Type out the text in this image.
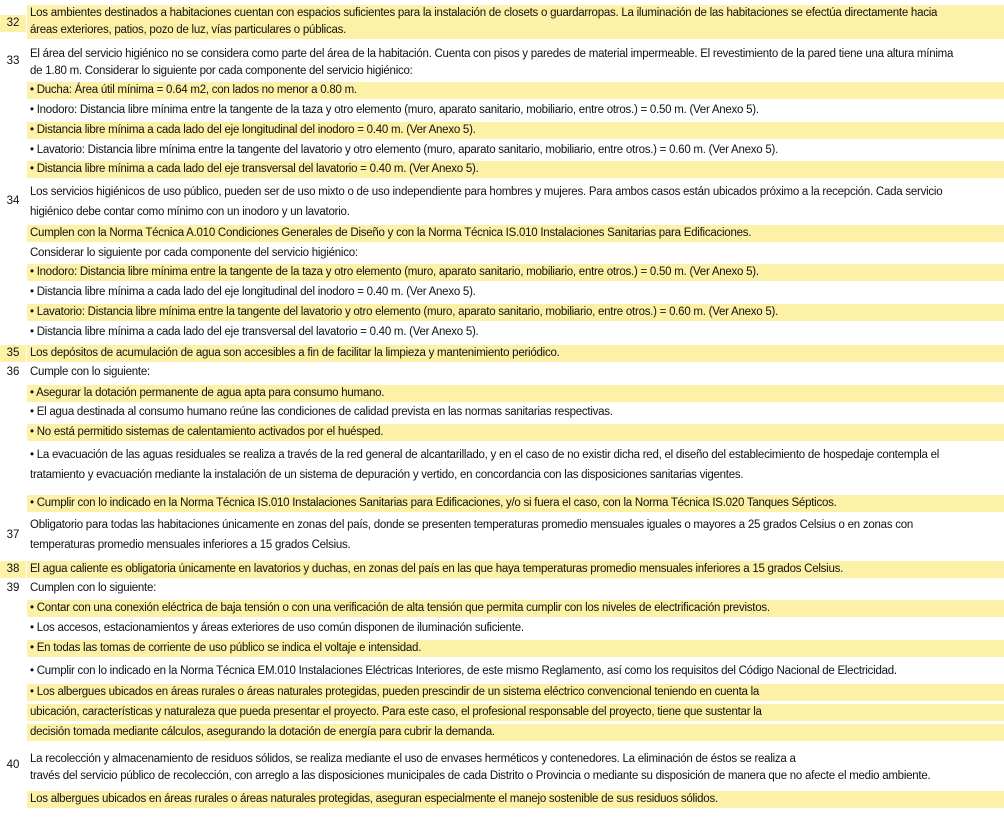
32
Los ambientes destinados a habitaciones cuentan con espacios suficientes para la instalación de closets o guardarropas. La iluminación de las habitaciones se efectúa directamente hacia
áreas exteriores, patios, pozo de luz, vías particulares o públicas.
33
El área del servicio higiénico no se considera como parte del área de la habitación. Cuenta con pisos y paredes de material impermeable. El revestimiento de la pared tiene una altura mínima
de 1.80 m. Considerar lo siguiente por cada componente del servicio higiénico:
• Ducha: Área útil mínima = 0.64 m2, con lados no menor a 0.80 m.
• Inodoro: Distancia libre mínima entre la tangente de la taza y otro elemento (muro, aparato sanitario, mobiliario, entre otros.) = 0.50 m. (Ver Anexo 5).
• Distancia libre mínima a cada lado del eje longitudinal del inodoro = 0.40 m. (Ver Anexo 5).
• Lavatorio: Distancia libre mínima entre la tangente del lavatorio y otro elemento (muro, aparato sanitario, mobiliario, entre otros.) = 0.60 m. (Ver Anexo 5).
• Distancia libre mínima a cada lado del eje transversal del lavatorio = 0.40 m. (Ver Anexo 5).
34
Los servicios higiénicos de uso público, pueden ser de uso mixto o de uso independiente para hombres y mujeres. Para ambos casos están ubicados próximo a la recepción. Cada servicio
higiénico debe contar como mínimo con un inodoro y un lavatorio.
Cumplen con la Norma Técnica A.010 Condiciones Generales de Diseño y con la Norma Técnica IS.010 Instalaciones Sanitarias para Edificaciones.
Considerar lo siguiente por cada componente del servicio higiénico:
• Inodoro: Distancia libre mínima entre la tangente de la taza y otro elemento (muro, aparato sanitario, mobiliario, entre otros.) = 0.50 m. (Ver Anexo 5).
• Distancia libre mínima a cada lado del eje longitudinal del inodoro = 0.40 m. (Ver Anexo 5).
• Lavatorio: Distancia libre mínima entre la tangente del lavatorio y otro elemento (muro, aparato sanitario, mobiliario, entre otros.) = 0.60 m. (Ver Anexo 5).
• Distancia libre mínima a cada lado del eje transversal del lavatorio = 0.40 m. (Ver Anexo 5).
35 Los depósitos de acumulación de agua son accesibles a fin de facilitar la limpieza y mantenimiento periódico.
36 Cumple con lo siguiente:
• Asegurar la dotación permanente de agua apta para consumo humano.
• El agua destinada al consumo humano reúne las condiciones de calidad prevista en las normas sanitarias respectivas.
• No está permitido sistemas de calentamiento activados por el huésped.
• La evacuación de las aguas residuales se realiza a través de la red general de alcantarillado, y en el caso de no existir dicha red, el diseño del establecimiento de hospedaje contempla el
tratamiento y evacuación mediante la instalación de un sistema de depuración y vertido, en concordancia con las disposiciones sanitarias vigentes.
• Cumplir con lo indicado en la Norma Técnica IS.010 Instalaciones Sanitarias para Edificaciones, y/o si fuera el caso, con la Norma Técnica IS.020 Tanques Sépticos.
37
Obligatorio para todas las habitaciones únicamente en zonas del país, donde se presenten temperaturas promedio mensuales iguales o mayores a 25 grados Celsius o en zonas con
temperaturas promedio mensuales inferiores a 15 grados Celsius.
38 El agua caliente es obligatoria únicamente en lavatorios y duchas, en zonas del país en las que haya temperaturas promedio mensuales inferiores a 15 grados Celsius.
39 Cumplen con lo siguiente:
• Contar con una conexión eléctrica de baja tensión o con una verificación de alta tensión que permita cumplir con los niveles de electrificación previstos.
• Los accesos, estacionamientos y áreas exteriores de uso común disponen de iluminación suficiente.
• En todas las tomas de corriente de uso público se indica el voltaje e intensidad.
• Cumplir con lo indicado en la Norma Técnica EM.010 Instalaciones Eléctricas Interiores, de este mismo Reglamento, así como los requisitos del Código Nacional de Electricidad.
• Los albergues ubicados en áreas rurales o áreas naturales protegidas, pueden prescindir de un sistema eléctrico convencional teniendo en cuenta la
ubicación, características y naturaleza que pueda presentar el proyecto. Para este caso, el profesional responsable del proyecto, tiene que sustentar la
decisión tomada mediante cálculos, asegurando la dotación de energía para cubrir la demanda.
40 La recolección y almacenamiento de residuos sólidos, se realiza mediante el uso de envases herméticos y contenedores. La eliminación de éstos se realiza a
través del servicio público de recolección, con arreglo a las disposiciones municipales de cada Distrito o Provincia o mediante su disposición de manera que no afecte el medio ambiente.
Los albergues ubicados en áreas rurales o áreas naturales protegidas, aseguran especialmente el manejo sostenible de sus residuos sólidos.
